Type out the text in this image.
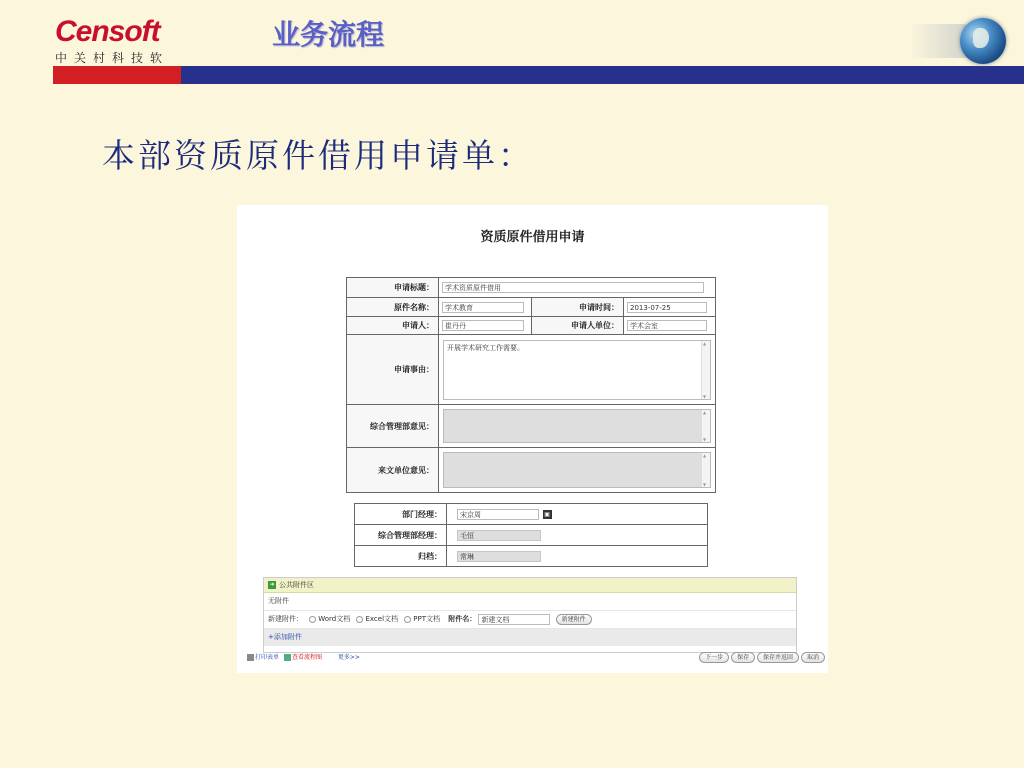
Censoft
中关村科技软
业务流程
本部资质原件借用申请单：
资质原件借用申请
申请标题：	学术资质原件借用		
原件名称：	学术教育	申请时间：	2013-07-25
申请人：	崔丹丹	申请人单位：	学术会室
申请事由：	开展学术研究工作需要。
▲ ▼

综合管理部意见：	
▲ ▼

来文单位意见：	
▲ ▼
部门经理：	宋京周 ▣
综合管理部经理：	毛恒
归档：	常琳
➜ 公共附件区
无附件
新建附件： Word文档 Excel文档 PPT文档 附件名： 新建文档	新建附件
+添加附件
打印表单 查看流程图	更多>>	下一步 保存 保存并返回 取消
